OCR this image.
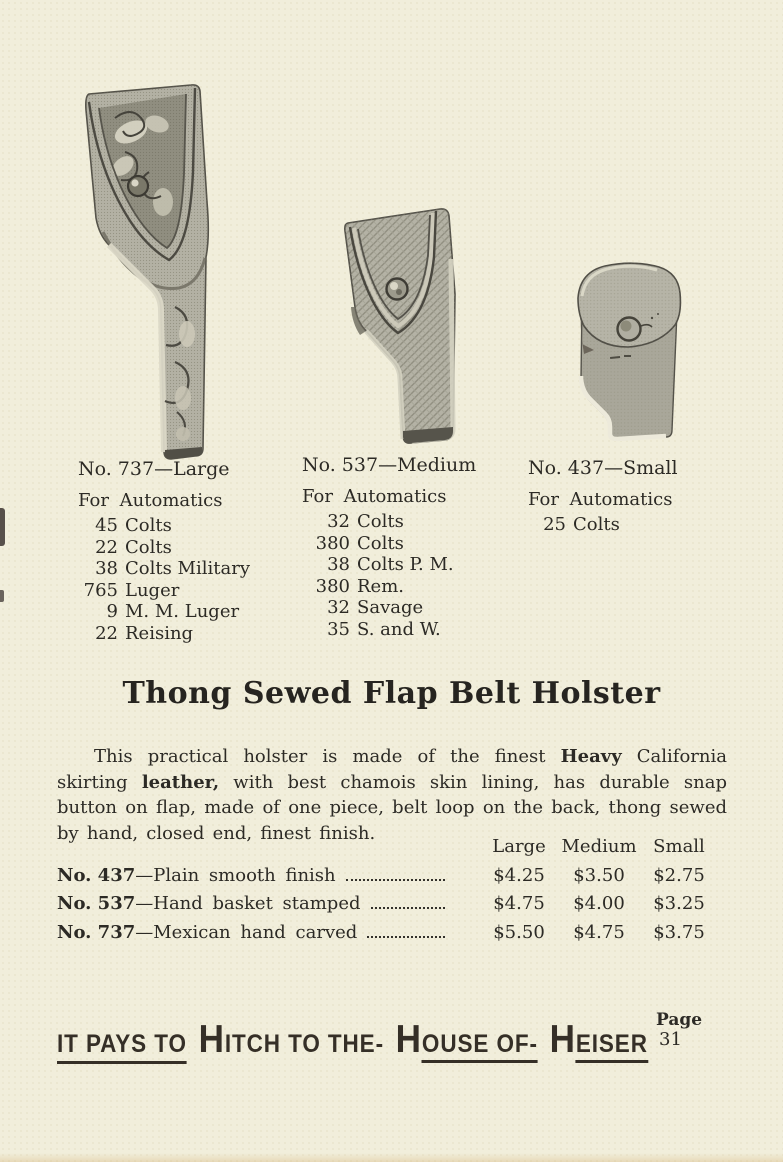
No. 737—Large
For Automatics
45 Colts
22 Colts
38 Colts Military
765 Luger
9 M. M. Luger
22 Reising
No. 537—Medium
For Automatics
32 Colts
380 Colts
38 Colts P. M.
380 Rem.
32 Savage
35 S. and W.
No. 437—Small
For Automatics
25 Colts
Thong Sewed Flap Belt Holster
This practical holster is made of the finest Heavy California skirting leather, with best chamois skin lining, has durable snap button on flap, made of one piece, belt loop on the back, thong sewed by hand, closed end, finest finish.
Large Medium Small
No. 437—Plain smooth finish	$4.25	$3.50	$2.75
No. 537—Hand basket stamped	$4.75	$4.00	$3.25
No. 737—Mexican hand carved	$5.50	$4.75	$3.75
IT PAYS TO HITCH TO THE- HOUSE OF- HEISER
Page
31
